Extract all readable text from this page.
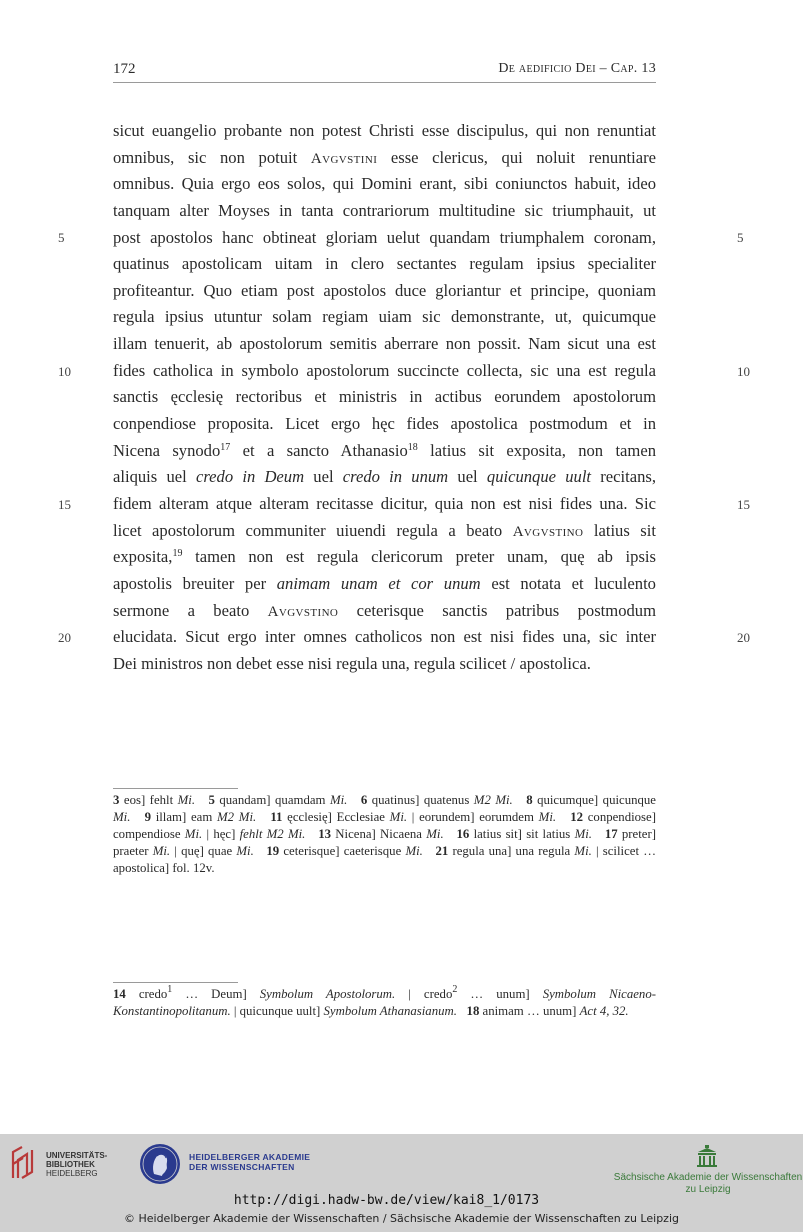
172	De aedificio Dei – Cap. 13
5	5
10	10
15	15
20	20
sicut euangelio probante non potest Christi esse discipulus, qui non renuntiat
omnibus, sic non potuit Avgvstini esse clericus, qui noluit renuntiare
omnibus. Quia ergo eos solos, qui Domini erant, sibi coniunctos habuit, ideo
tanquam alter Moyses in tanta contrariorum multitudine sic triumphauit, ut
post apostolos hanc obtineat gloriam uelut quandam triumphalem coronam,
quatinus apostolicam uitam in clero sectantes regulam ipsius specialiter
profiteantur. Quo etiam post apostolos duce gloriantur et principe, quoniam
regula ipsius utuntur solam regiam uiam sic demonstrante, ut, quicumque
illam tenuerit, ab apostolorum semitis aberrare non possit. Nam sicut una est
fides catholica in symbolo apostolorum succincte collecta, sic una est regula
sanctis ęcclesię rectoribus et ministris in actibus eorundem apostolorum
conpendiose proposita. Licet ergo hęc fides apostolica postmodum et in
Nicena synodo$^{17}$ et a sancto Athanasio$^{18}$ latius sit exposita, non tamen
aliquis uel credo in Deum uel credo in unum uel quicunque uult recitans,
fidem alteram atque alteram recitasse dicitur, quia non est nisi fides una. Sic
licet apostolorum communiter uiuendi regula a beato Avgvstino latius sit
exposita,$^{19}$ tamen non est regula clericorum preter unam, quę ab ipsis
apostolis breuiter per animam unam et cor unum est notata et luculento
sermone a beato Avgvstino ceterisque sanctis patribus postmodum
elucidata. Sicut ergo inter omnes catholicos non est nisi fides una, sic inter
Dei ministros non debet esse nisi regula una, regula scilicet / apostolica.
3 eos] fehlt Mi. 5 quandam] quamdam Mi. 6 quatinus] quatenus M2 Mi. 8 quicumque] quicunque Mi. 9 illam] eam M2 Mi. 11 ęcclesię] Ecclesiae Mi. | eorundem] eorumdem Mi. 12 conpendiose] compendiose Mi. | hęc] fehlt M2 Mi. 13 Nicena] Nicaena Mi. 16 latius sit] sit latius Mi. 17 preter] praeter Mi. | quę] quae Mi. 19 ceterisque] caeterisque Mi. 21 regula una] una regula Mi. | scilicet … apostolica] fol. 12v.
14 credo$^1$ … Deum] Symbolum Apostolorum. | credo$^2$ … unum] Symbolum Nicaeno-Konstantinopolitanum. | quicunque uult] Symbolum Athanasianum. 18 animam … unum] Act 4, 32.
UNIVERSITÄTS-
BIBLIOTHEK
HEIDELBERG
HEIDELBERGER AKADEMIE
DER WISSENSCHAFTEN
Sächsische Akademie der Wissenschaften
zu Leipzig
http://digi.hadw-bw.de/view/kai8_1/0173
© Heidelberger Akademie der Wissenschaften / Sächsische Akademie der Wissenschaften zu Leipzig
